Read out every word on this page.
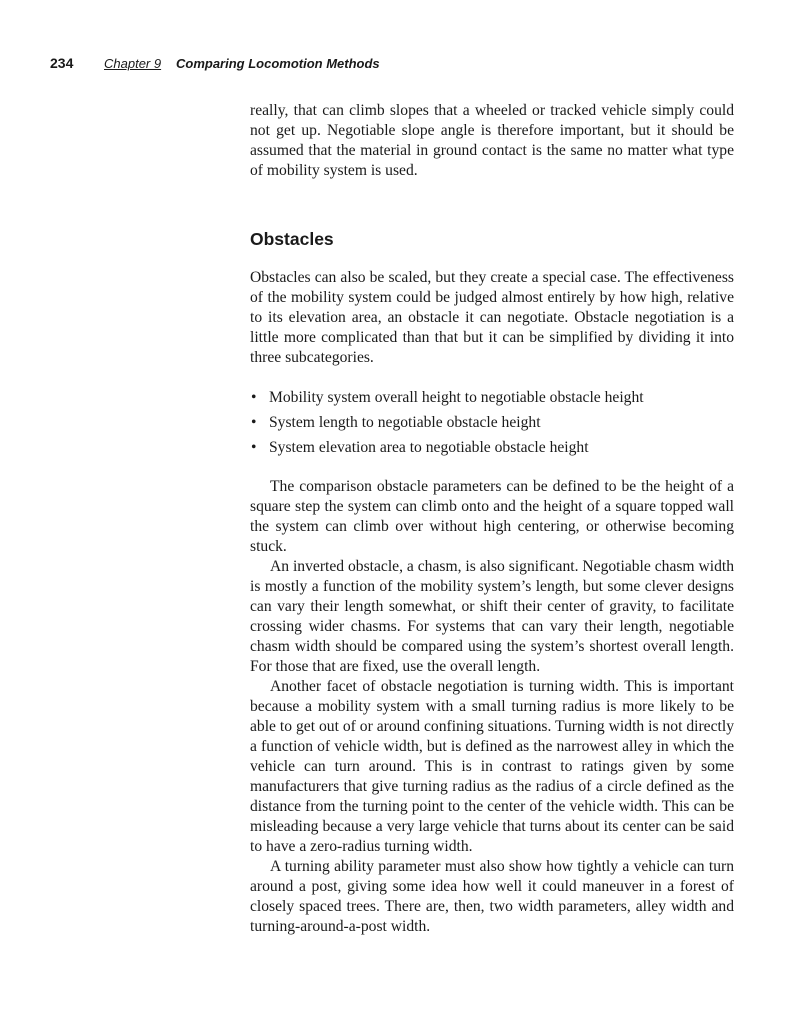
234 Chapter 9 Comparing Locomotion Methods

really, that can climb slopes that a wheeled or tracked vehicle simply could not get up. Negotiable slope angle is therefore important, but it should be assumed that the material in ground contact is the same no matter what type of mobility system is used.

Obstacles

Obstacles can also be scaled, but they create a special case. The effectiveness of the mobility system could be judged almost entirely by how high, relative to its elevation area, an obstacle it can negotiate. Obstacle negotiation is a little more complicated than that but it can be simplified by dividing it into three subcategories.

• Mobility system overall height to negotiable obstacle height
• System length to negotiable obstacle height
• System elevation area to negotiable obstacle height

The comparison obstacle parameters can be defined to be the height of a square step the system can climb onto and the height of a square topped wall the system can climb over without high centering, or otherwise becoming stuck.

An inverted obstacle, a chasm, is also significant. Negotiable chasm width is mostly a function of the mobility system’s length, but some clever designs can vary their length somewhat, or shift their center of gravity, to facilitate crossing wider chasms. For systems that can vary their length, negotiable chasm width should be compared using the system’s shortest overall length. For those that are fixed, use the overall length.

Another facet of obstacle negotiation is turning width. This is important because a mobility system with a small turning radius is more likely to be able to get out of or around confining situations. Turning width is not directly a function of vehicle width, but is defined as the narrowest alley in which the vehicle can turn around. This is in contrast to ratings given by some manufacturers that give turning radius as the radius of a circle defined as the distance from the turning point to the center of the vehicle width. This can be misleading because a very large vehicle that turns about its center can be said to have a zero-radius turning width.

A turning ability parameter must also show how tightly a vehicle can turn around a post, giving some idea how well it could maneuver in a forest of closely spaced trees. There are, then, two width parameters, alley width and turning-around-a-post width.
